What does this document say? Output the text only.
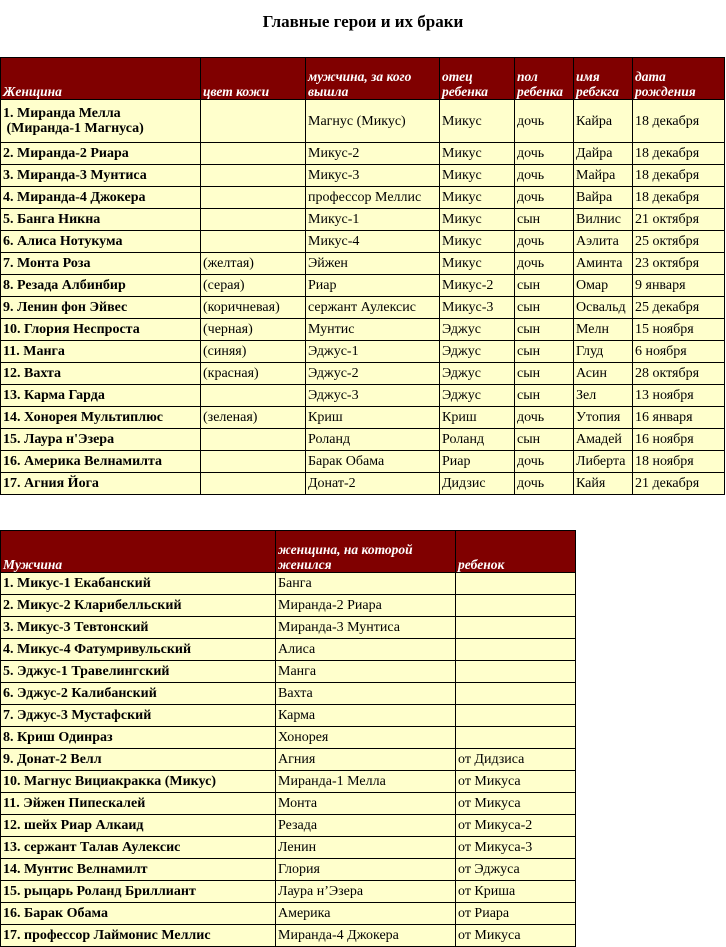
Главные герои и их браки
Женщина	цвет кожи	мужчина, за кого вышла	отец ребенка	пол ребенка	имя ребгкга	дата рождения
1. Миранда Мелла
(Миранда-1 Магнуса)		Магнус (Микус)	Микус	дочь	Кайра	18 декабря
2. Миранда-2 Риара		Микус-2	Микус	дочь	Дайра	18 декабря
3. Миранда-3 Мунтиса		Микус-3	Микус	дочь	Майра	18 декабря
4. Миранда-4 Джокера		профессор Меллис	Микус	дочь	Вайра	18 декабря
5. Банга Никна		Микус-1	Микус	сын	Вилнис	21 октября
6. Алиса Нотукума		Микус-4	Микус	дочь	Аэлита	25 октября
7. Монта Роза	(желтая)	Эйжен	Микус	дочь	Аминта	23 октября
8. Резада Албинбир	(серая)	Риар	Микус-2	сын	Омар	9 января
9. Ленин фон Эйвес	(коричневая)	сержант Аулексис	Микус-3	сын	Освальд	25 декабря
10. Глория Неспроста	(черная)	Мунтис	Эджус	сын	Мелн	15 ноября
11. Манга	(синяя)	Эджус-1	Эджус	сын	Глуд	6 ноября
12. Вахта	(красная)	Эджус-2	Эджус	сын	Асин	28 октября
13. Карма Гарда		Эджус-3	Эджус	сын	Зел	13 ноября
14. Хонорея Мультиплюс	(зеленая)	Криш	Криш	дочь	Утопия	16 января
15. Лаура н'Эзера		Роланд	Роланд	сын	Амадей	16 ноября
16. Америка Велнамилта		Барак Обама	Риар	дочь	Либерта	18 ноября
17. Агния Йога		Донат-2	Дидзис	дочь	Кайя	21 декабря
Мужчина	женщина, на которой женился	ребенок
1. Микус-1 Екабанский	Банга	
2. Микус-2 Кларибелльский	Миранда-2 Риара	
3. Микус-3 Тевтонский	Миранда-3 Мунтиса	
4. Микус-4 Фатумривульский	Алиса	
5. Эджус-1 Травелингский	Манга	
6. Эджус-2 Калибанский	Вахта	
7. Эджус-3 Мустафский	Карма	
8. Криш Одинраз	Хонорея	
9. Донат-2 Велл	Агния	от Дидзиса
10. Магнус Вициакракка (Микус)	Миранда-1 Мелла	от Микуса
11. Эйжен Пипескалей	Монта	от Микуса
12. шейх Риар Алкаид	Резада	от Микуса-2
13. сержант Талав Аулексис	Ленин	от Микуса-3
14. Мунтис Велнамилт	Глория	от Эджуса
15. рыцарь Роланд Бриллиант	Лаура н’Эзера	от Криша
16. Барак Обама	Америка	от Риара
17. профессор Лаймонис Меллис	Миранда-4 Джокера	от Микуса
